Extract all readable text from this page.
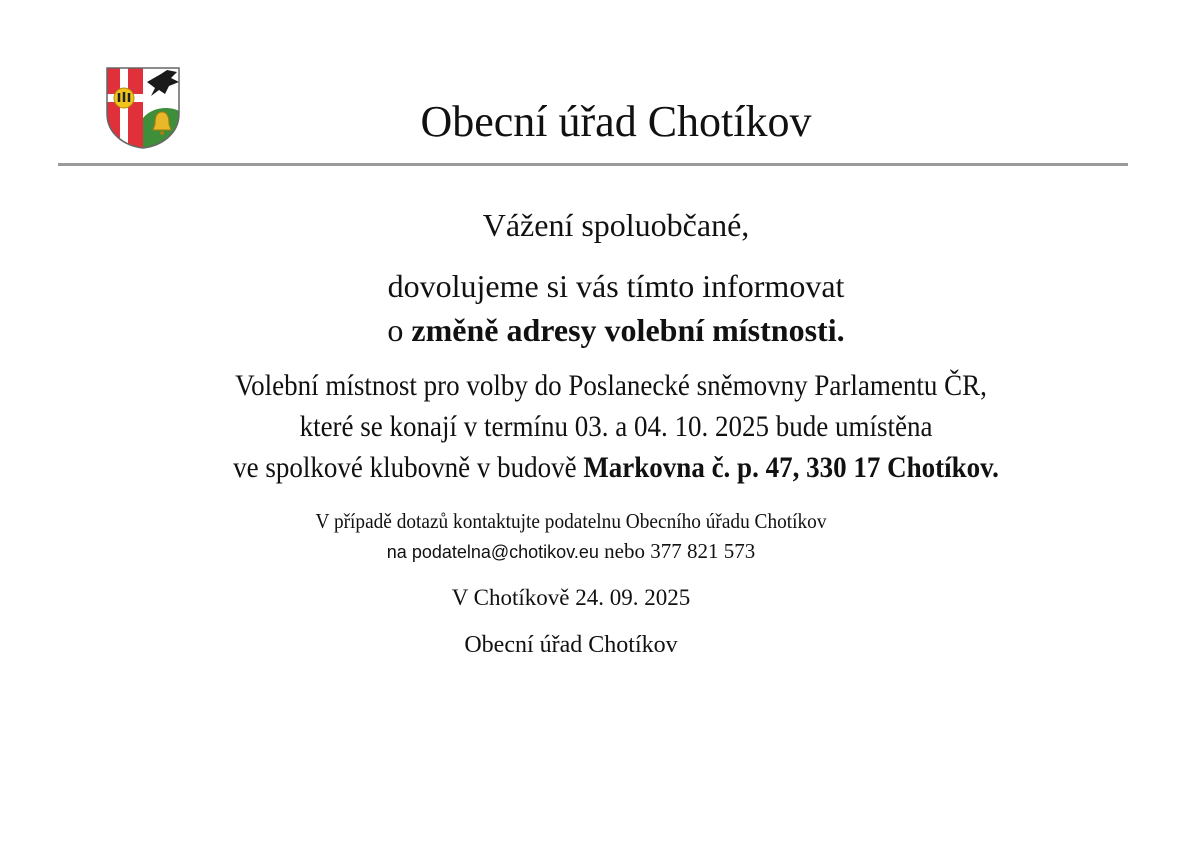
Obecní úřad Chotíkov
Vážení spoluobčané,
dovolujeme si vás tímto informovat
o změně adresy volební místnosti.
Volební místnost pro volby do Poslanecké sněmovny Parlamentu ČR,
které se konají v termínu 03. a 04. 10. 2025 bude umístěna
ve spolkové klubovně v budově Markovna č. p. 47, 330 17 Chotíkov.
V případě dotazů kontaktujte podatelnu Obecního úřadu Chotíkov
na podatelna@chotikov.eu nebo 377 821 573
V Chotíkově 24. 09. 2025
Obecní úřad Chotíkov
